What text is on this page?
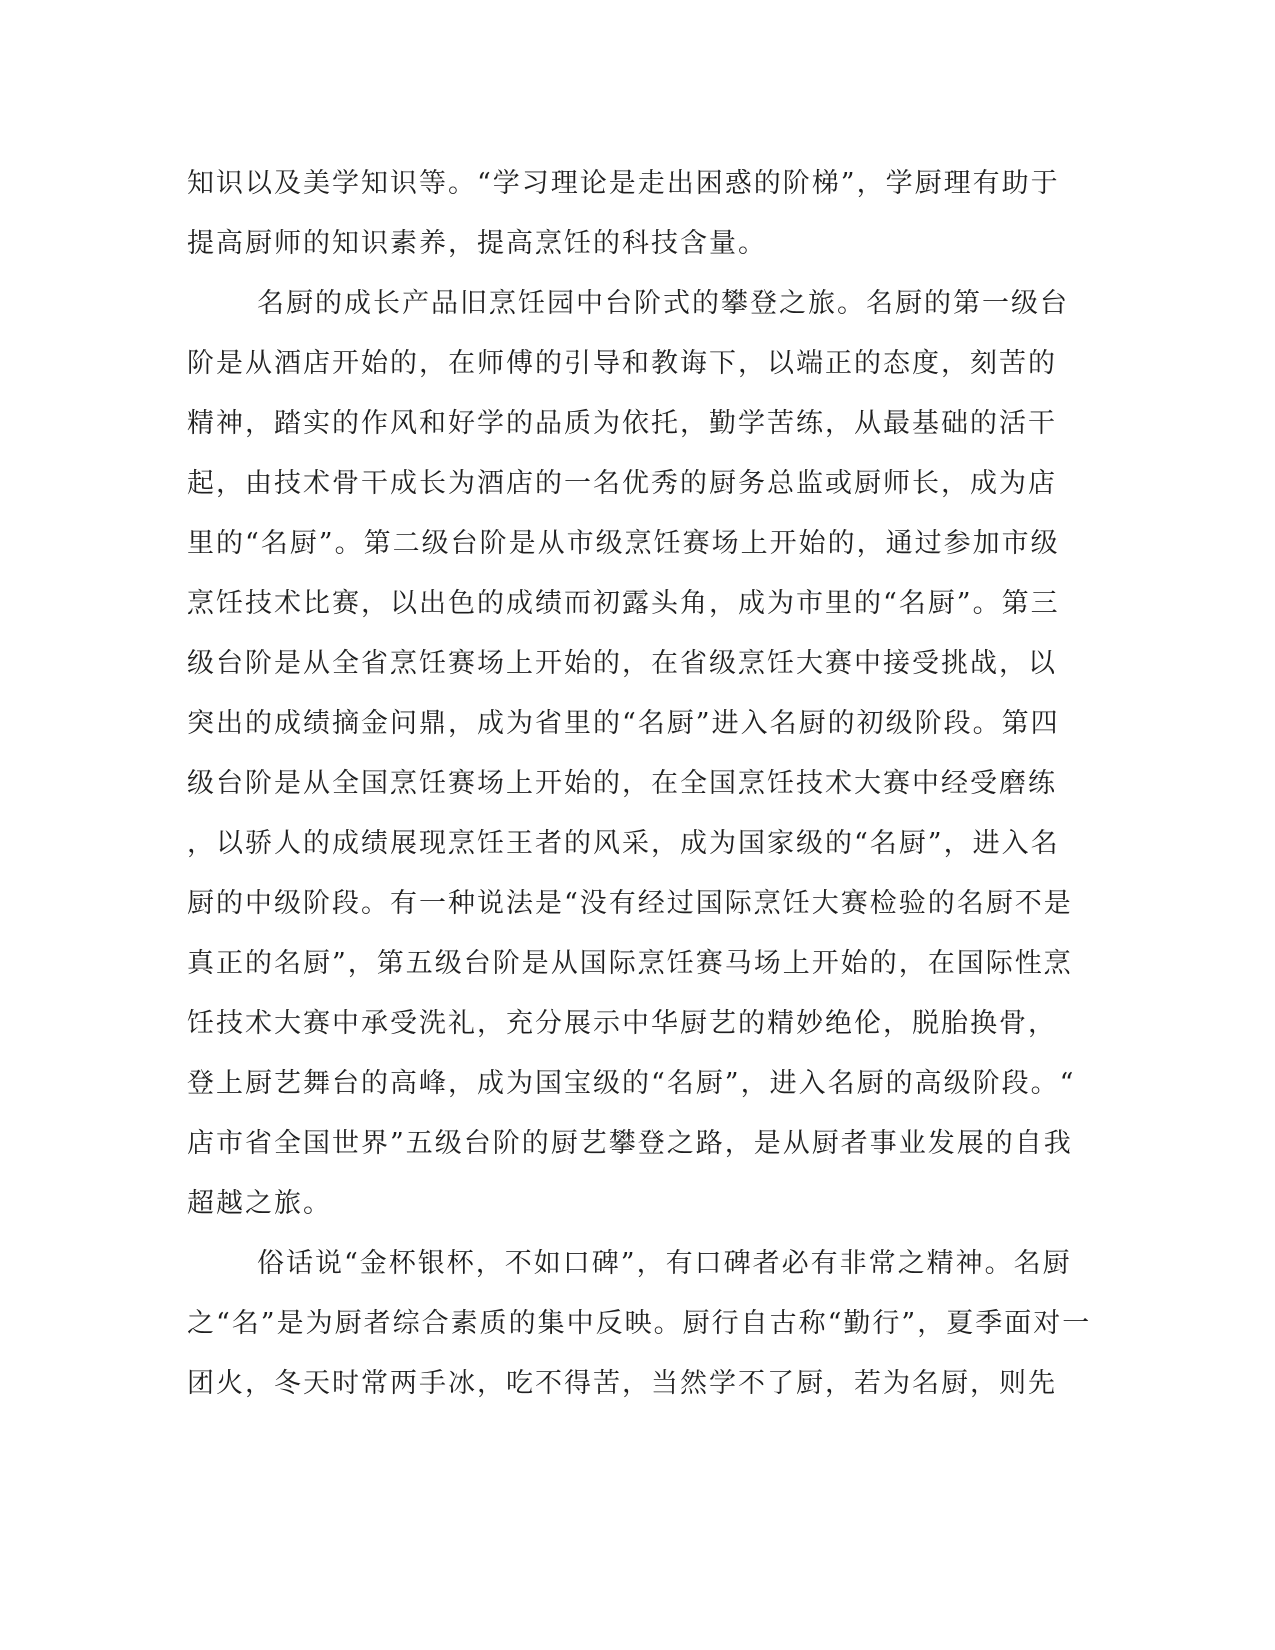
知识以及美学知识等。“学习理论是走出困惑的阶梯”，学厨理有助于
提高厨师的知识素养，提高烹饪的科技含量。
名厨的成长产品旧烹饪园中台阶式的攀登之旅。名厨的第一级台
阶是从酒店开始的，在师傅的引导和教诲下，以端正的态度，刻苦的
精神，踏实的作风和好学的品质为依托，勤学苦练，从最基础的活干
起，由技术骨干成长为酒店的一名优秀的厨务总监或厨师长，成为店
里的“名厨”。第二级台阶是从市级烹饪赛场上开始的，通过参加市级
烹饪技术比赛，以出色的成绩而初露头角，成为市里的“名厨”。第三
级台阶是从全省烹饪赛场上开始的，在省级烹饪大赛中接受挑战，以
突出的成绩摘金问鼎，成为省里的“名厨”进入名厨的初级阶段。第四
级台阶是从全国烹饪赛场上开始的，在全国烹饪技术大赛中经受磨练
，以骄人的成绩展现烹饪王者的风采，成为国家级的“名厨”，进入名
厨的中级阶段。有一种说法是“没有经过国际烹饪大赛检验的名厨不是
真正的名厨”，第五级台阶是从国际烹饪赛马场上开始的，在国际性烹
饪技术大赛中承受洗礼，充分展示中华厨艺的精妙绝伦，脱胎换骨，
登上厨艺舞台的高峰，成为国宝级的“名厨”，进入名厨的高级阶段。“
店市省全国世界”五级台阶的厨艺攀登之路，是从厨者事业发展的自我
超越之旅。
俗话说“金杯银杯，不如口碑”，有口碑者必有非常之精神。名厨
之“名”是为厨者综合素质的集中反映。厨行自古称“勤行”，夏季面对一
团火，冬天时常两手冰，吃不得苦，当然学不了厨，若为名厨，则先
